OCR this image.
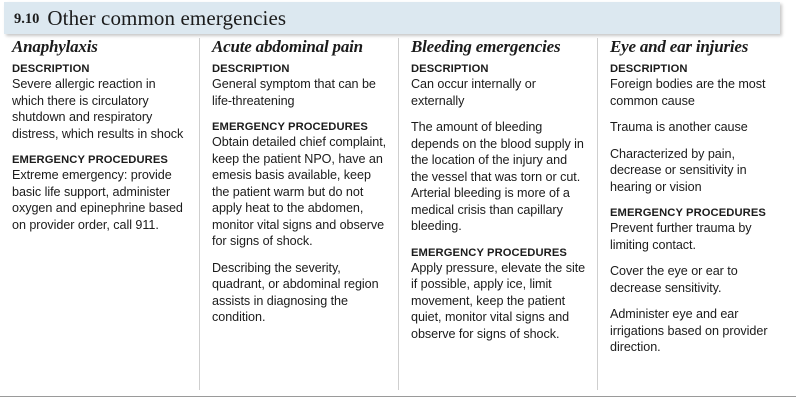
9.10 Other common emergencies
Anaphylaxis

DESCRIPTION

Severe allergic reaction in which there is circulatory shutdown and respiratory distress, which results in shock

EMERGENCY PROCEDURES

Extreme emergency: provide basic life support, administer oxygen and epinephrine based on provider order, call 911.

Acute abdominal pain

DESCRIPTION

General symptom that can be life-threatening

EMERGENCY PROCEDURES

Obtain detailed chief complaint, keep the patient NPO, have an emesis basis available, keep the patient warm but do not apply heat to the abdomen, monitor vital signs and observe for signs of shock.

Describing the severity, quadrant, or abdominal region assists in diagnosing the condition.

Bleeding emergencies

DESCRIPTION

Can occur internally or externally

The amount of bleeding depends on the blood supply in the location of the injury and the vessel that was torn or cut. Arterial bleeding is more of a medical crisis than capillary bleeding.

EMERGENCY PROCEDURES

Apply pressure, elevate the site if possible, apply ice, limit movement, keep the patient quiet, monitor vital signs and observe for signs of shock.

Eye and ear injuries

DESCRIPTION

Foreign bodies are the most common cause

Trauma is another cause

Characterized by pain, decrease or sensitivity in hearing or vision

EMERGENCY PROCEDURES

Prevent further trauma by limiting contact.

Cover the eye or ear to decrease sensitivity.

Administer eye and ear irrigations based on provider direction.
